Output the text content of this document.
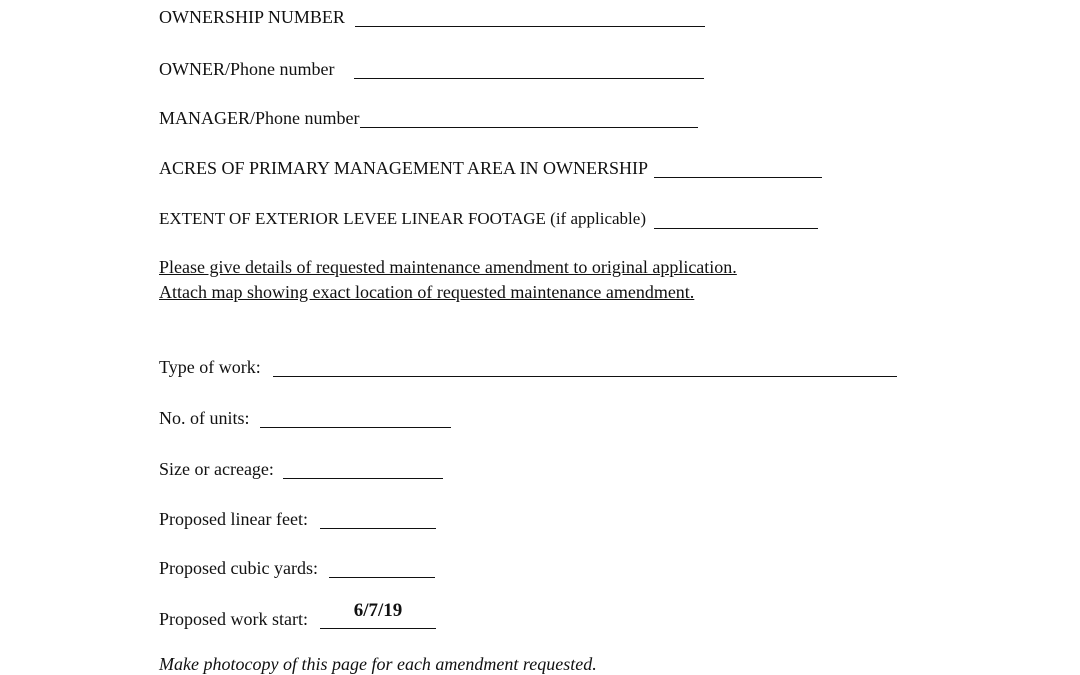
OWNERSHIP NUMBER
OWNER/Phone number
MANAGER/Phone number
ACRES OF PRIMARY MANAGEMENT AREA IN OWNERSHIP
EXTENT OF EXTERIOR LEVEE LINEAR FOOTAGE (if applicable)
Please give details of requested maintenance amendment to original application.
Attach map showing exact location of requested maintenance amendment.
Type of work:
No. of units:
Size or acreage:
Proposed linear feet:
Proposed cubic yards:
Proposed work start:	6/7/19
Make photocopy of this page for each amendment requested.
